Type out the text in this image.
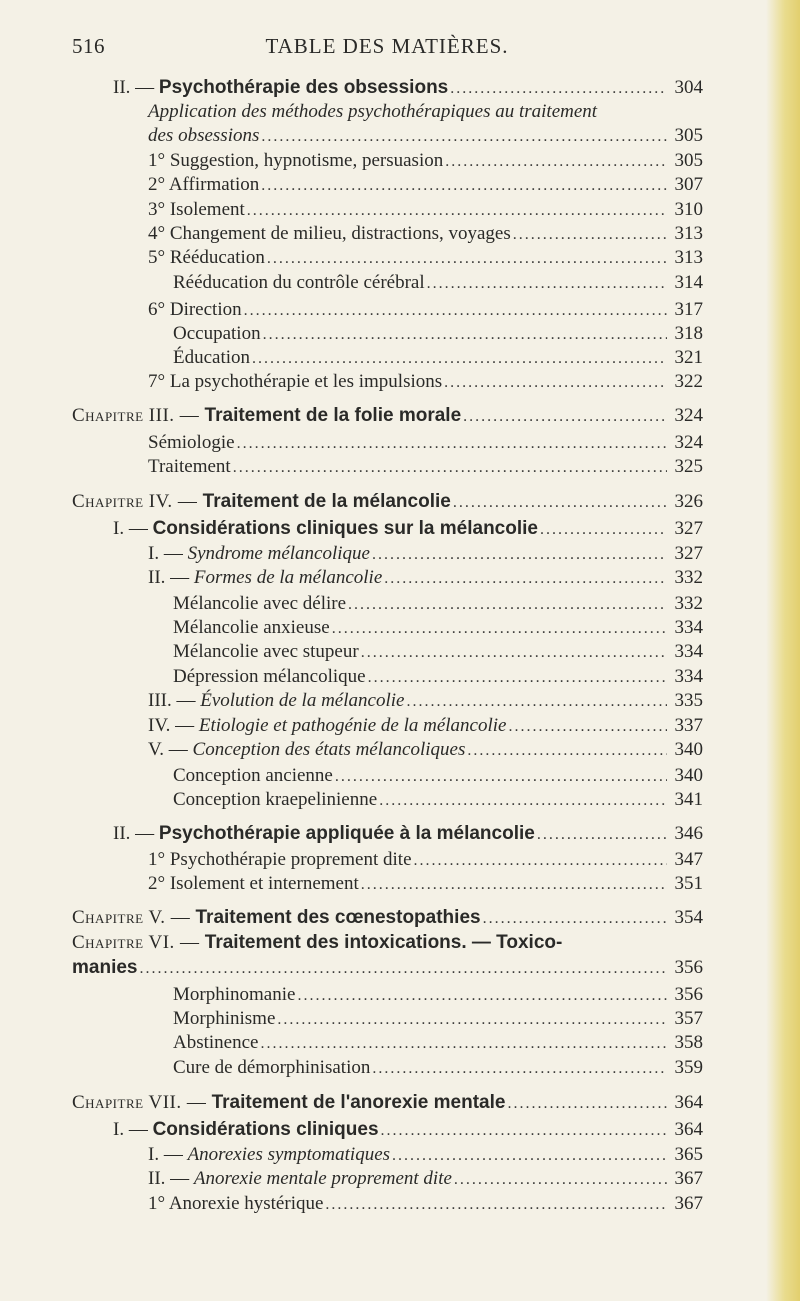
516	TABLE DES MATIÈRES.
II. — Psychothérapie des obsessions .....	304
Application des méthodes psychothérapiques au traitement
des obsessions .....	305
1° Suggestion, hypnotisme, persuasion .....	305
2° Affirmation .....	307
3° Isolement .....	310
4° Changement de milieu, distractions, voyages .....	313
5° Rééducation .....	313
Rééducation du contrôle cérébral .....	314
6° Direction .....	317
Occupation .....	318
Éducation .....	321
7° La psychothérapie et les impulsions .....	322
Chapitre III. — Traitement de la folie morale .....	324
Sémiologie .....	324
Traitement .....	325
Chapitre IV. — Traitement de la mélancolie .....	326
I. — Considérations cliniques sur la mélancolie .....	327
I. — Syndrome mélancolique .....	327
II. — Formes de la mélancolie .....	332
Mélancolie avec délire .....	332
Mélancolie anxieuse .....	334
Mélancolie avec stupeur .....	334
Dépression mélancolique .....	334
III. — Évolution de la mélancolie .....	335
IV. — Etiologie et pathogénie de la mélancolie .....	337
V. — Conception des états mélancoliques .....	340
Conception ancienne .....	340
Conception kraepelinienne .....	341
II. — Psychothérapie appliquée à la mélancolie .....	346
1° Psychothérapie proprement dite .....	347
2° Isolement et internement .....	351
Chapitre V. — Traitement des cœnestopathies .....	354
Chapitre VI. — Traitement des intoxications. — Toxico-
manies .....	356
Morphinomanie .....	356
Morphinisme .....	357
Abstinence .....	358
Cure de démorphinisation .....	359
Chapitre VII. — Traitement de l'anorexie mentale .....	364
I. — Considérations cliniques .....	364
I. — Anorexies symptomatiques .....	365
II. — Anorexie mentale proprement dite .....	367
1° Anorexie hystérique .....	367
